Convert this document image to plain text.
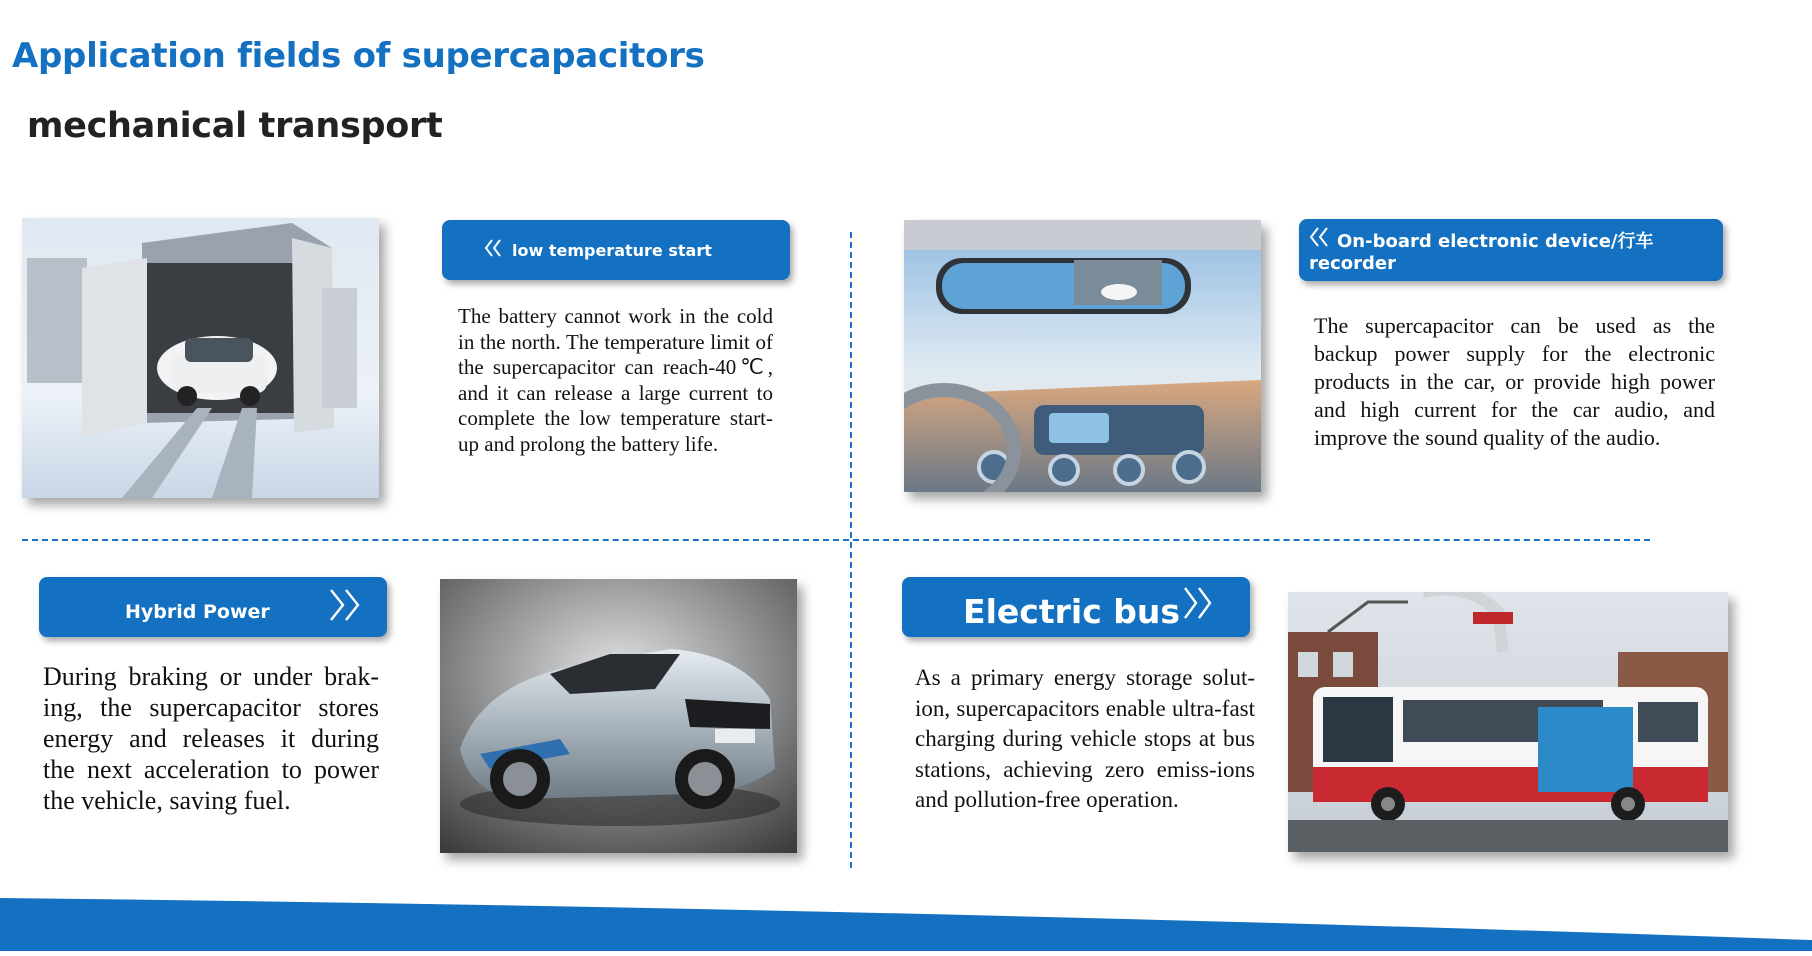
Application fields of supercapacitors
mechanical transport
low temperature start

The battery cannot work in the cold in the north. The temperature limit of the supercapacitor can reach-40℃, and it can release a large current to complete the low temperature start-up and prolong the battery life.

On-board electronic device/行车
recorder

The supercapacitor can be used as the backup power supply for the electronic products in the car, or provide high power and high current for the car audio, and improve the sound quality of the audio.

Hybrid Power

During braking or under brak-ing, the supercapacitor stores energy and releases it during the next acceleration to power the vehicle, saving fuel.

Electric bus

As a primary energy storage solut-ion, supercapacitors enable ultra-fast charging during vehicle stops at bus stations, achieving zero emiss-ions and pollution-free operation.
